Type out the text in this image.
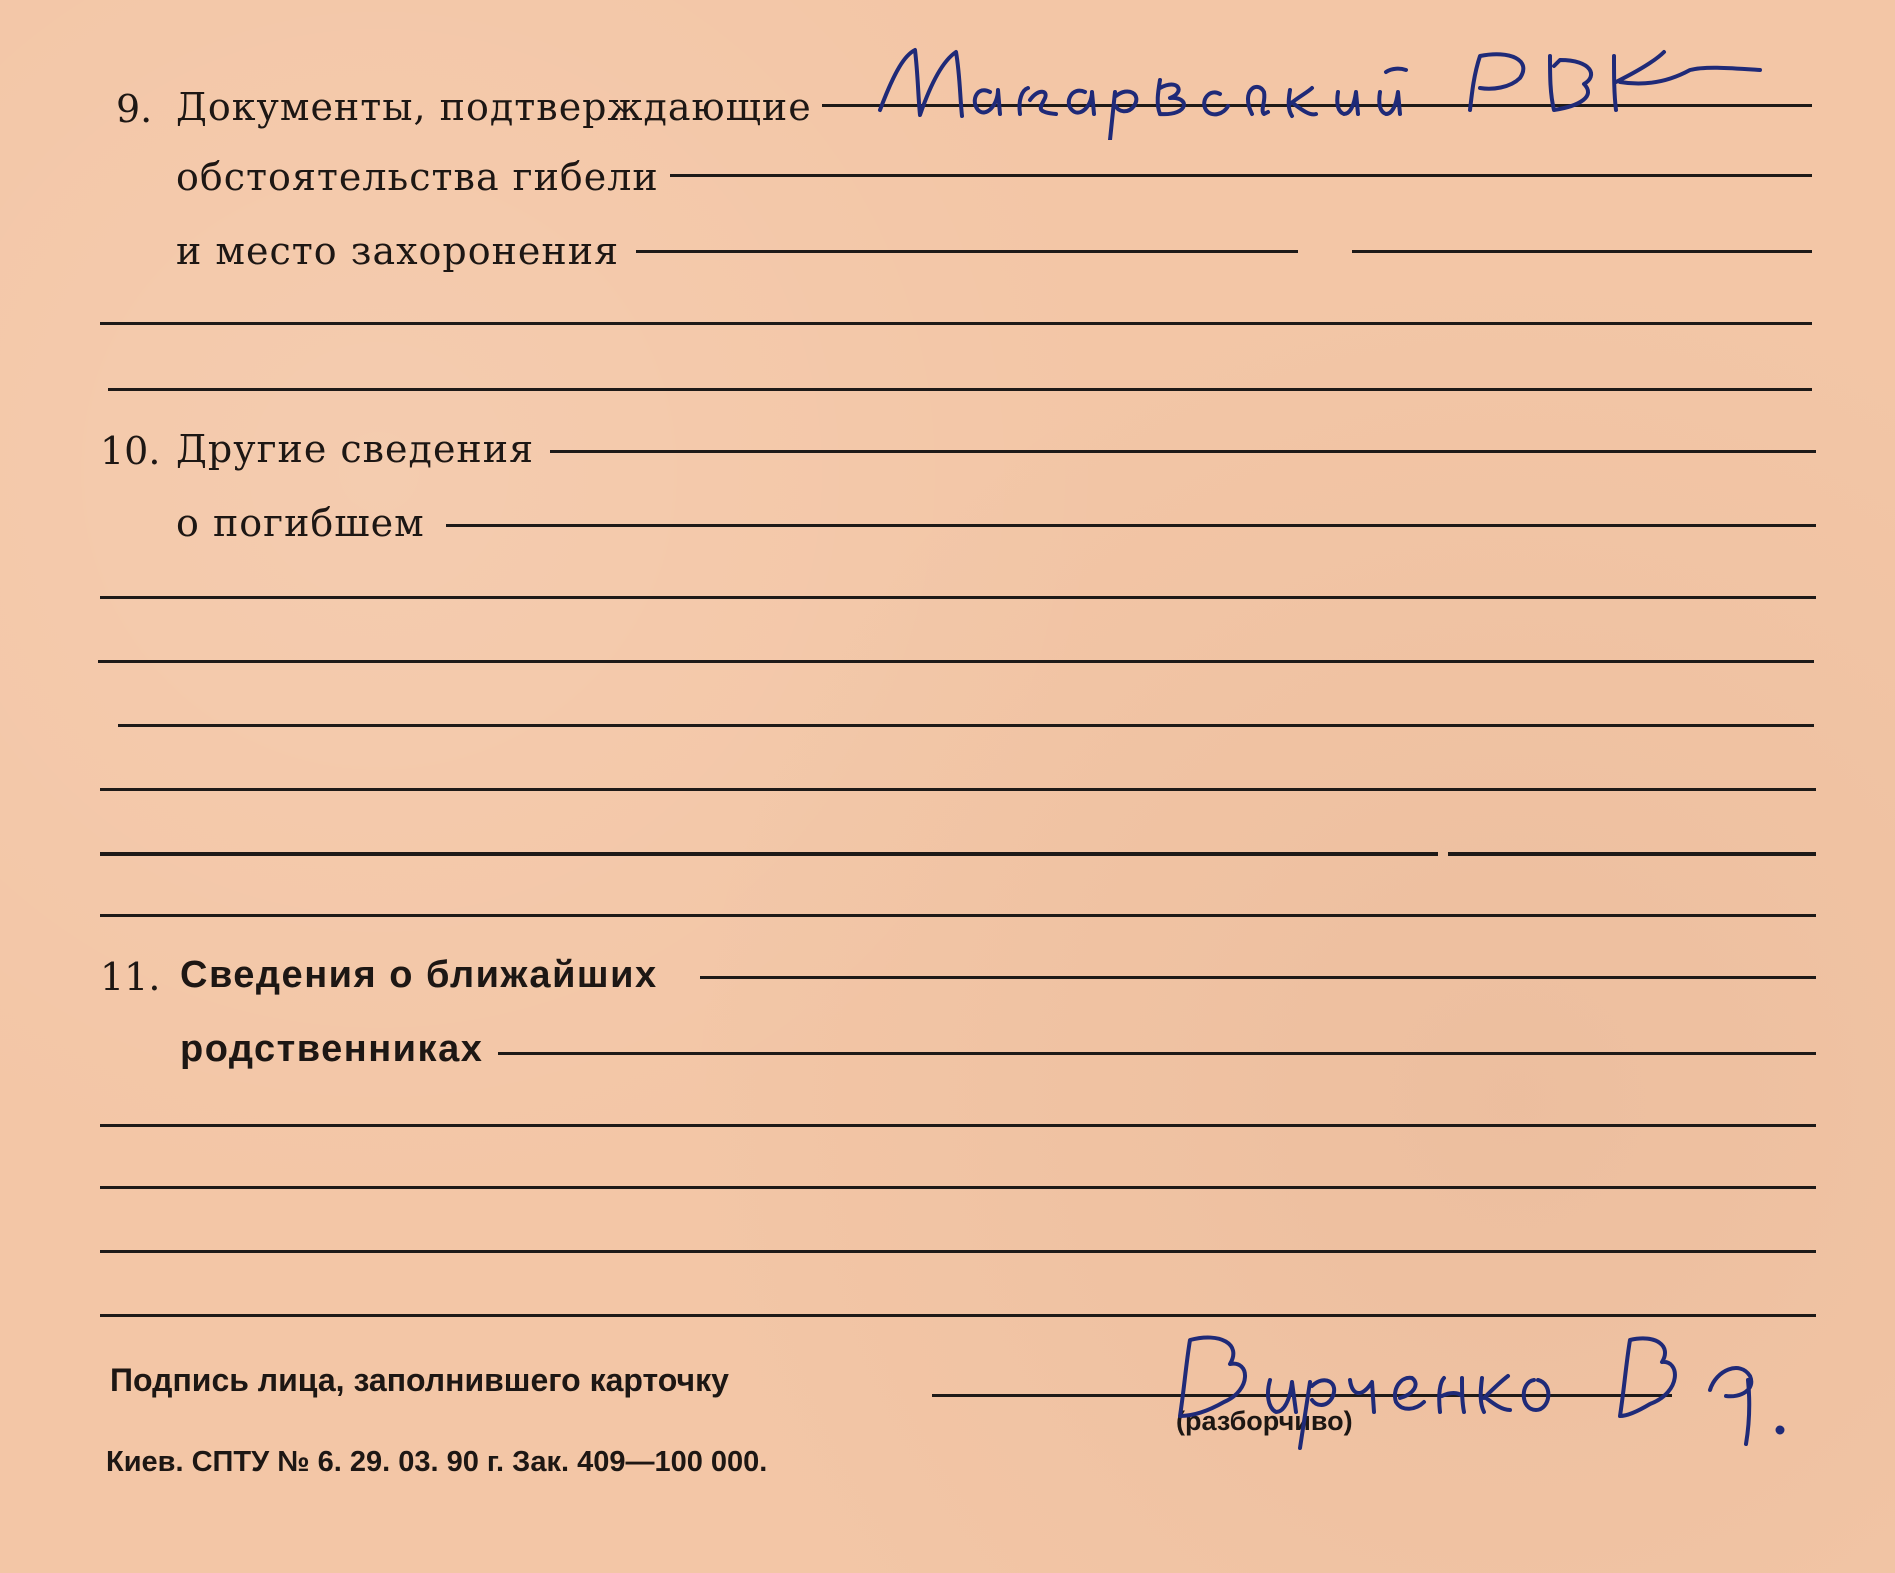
9. Документы, подтверждающие
обстоятельства гибели
и место захоронения
10. Другие сведения
о погибшем
11. Сведения о ближайших
родственниках
Подпись лица, заполнившего карточку
(разборчиво)
Киев. СПТУ № 6. 29. 03. 90 г. Зак. 409—100 000.
